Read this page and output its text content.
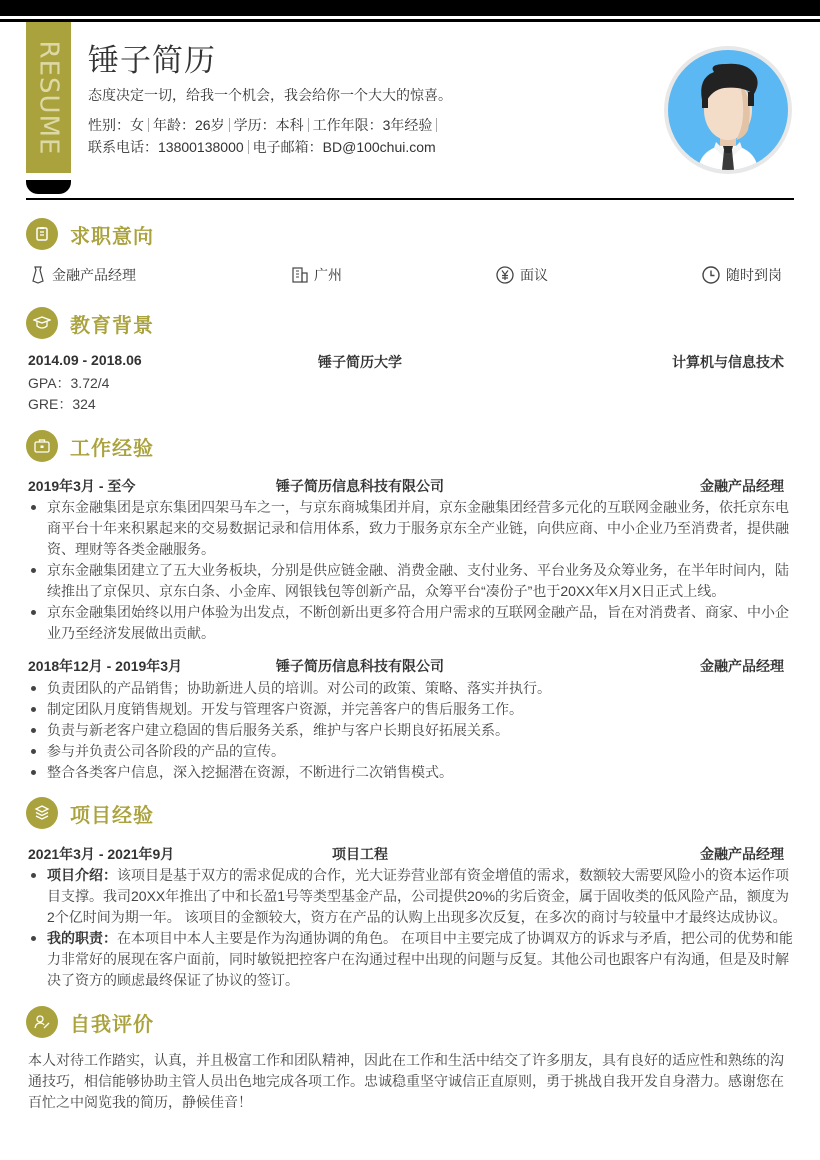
RESUME 锤子简历
态度决定一切，给我一个机会，我会给你一个大大的惊喜。
性别：女 年龄：26岁 学历：本科 工作年限：3年经验
联系电话：13800138000 电子邮箱：BD@100chui.com
求职意向
金融产品经理	广州	面议	随时到岗
教育背景
2014.09 - 2018.06	锤子简历大学	计算机与信息技术
GPA：3.72/4
GRE：324
工作经验
2019年3月 - 至今	锤子简历信息科技有限公司	金融产品经理
京东金融集团是京东集团四架马车之一，与京东商城集团并肩，京东金融集团经营多元化的互联网金融业务，依托京东电商平台十年来积累起来的交易数据记录和信用体系，致力于服务京东全产业链，向供应商、中小企业乃至消费者，提供融资、理财等各类金融服务。
京东金融集团建立了五大业务板块，分别是供应链金融、消费金融、支付业务、平台业务及众筹业务，在半年时间内，陆续推出了京保贝、京东白条、小金库、网银钱包等创新产品，众筹平台“凑份子”也于20XX年X月X日正式上线。
京东金融集团始终以用户体验为出发点，不断创新出更多符合用户需求的互联网金融产品，旨在对消费者、商家、中小企业乃至经济发展做出贡献。
2018年12月 - 2019年3月	锤子简历信息科技有限公司	金融产品经理
负责团队的产品销售；协助新进人员的培训。对公司的政策、策略、落实并执行。
制定团队月度销售规划。开发与管理客户资源，并完善客户的售后服务工作。
负责与新老客户建立稳固的售后服务关系，维护与客户长期良好拓展关系。
参与并负责公司各阶段的产品的宣传。
整合各类客户信息，深入挖掘潜在资源，不断进行二次销售模式。
项目经验
2021年3月 - 2021年9月	项目工程	金融产品经理
项目介绍：该项目是基于双方的需求促成的合作，光大证券营业部有资金增值的需求，数额较大需要风险小的资本运作项目支撑。我司20XX年推出了中和长盈1号等类型基金产品，公司提供20%的劣后资金，属于固收类的低风险产品，额度为2个亿时间为期一年。 该项目的金额较大，资方在产品的认购上出现多次反复，在多次的商讨与较量中才最终达成协议。
我的职责：在本项目中本人主要是作为沟通协调的角色。 在项目中主要完成了协调双方的诉求与矛盾，把公司的优势和能力非常好的展现在客户面前，同时敏锐把控客户在沟通过程中出现的问题与反复。其他公司也跟客户有沟通，但是及时解决了资方的顾虑最终保证了协议的签订。
自我评价
本人对待工作踏实，认真，并且极富工作和团队精神，因此在工作和生活中结交了许多朋友，具有良好的适应性和熟练的沟通技巧，相信能够协助主管人员出色地完成各项工作。忠诚稳重坚守诚信正直原则，勇于挑战自我开发自身潜力。感谢您在百忙之中阅览我的简历，静候佳音！
